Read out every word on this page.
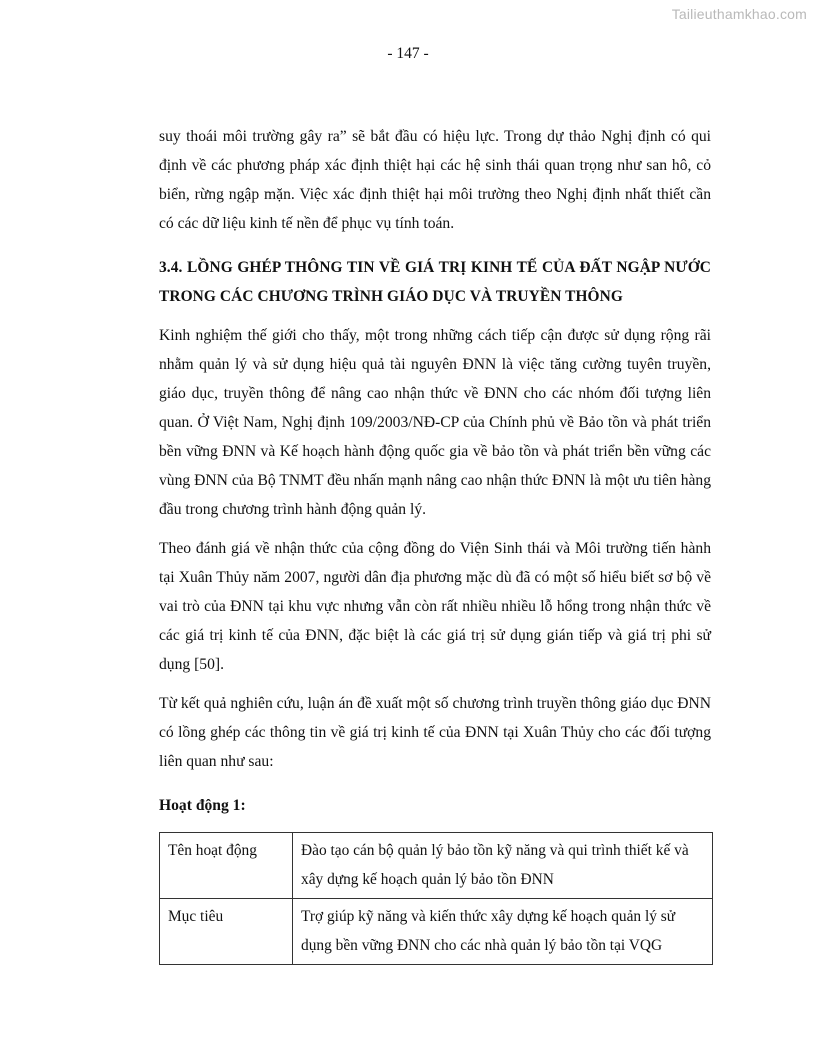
Tailieuthamkhao.com
- 147 -

suy thoái môi trường gây ra” sẽ bắt đầu có hiệu lực. Trong dự thảo Nghị định có qui định về các phương pháp xác định thiệt hại các hệ sinh thái quan trọng như san hô, cỏ biển, rừng ngập mặn. Việc xác định thiệt hại môi trường theo Nghị định nhất thiết cần có các dữ liệu kinh tế nền để phục vụ tính toán.

3.4. LỒNG GHÉP THÔNG TIN VỀ GIÁ TRỊ KINH TẾ CỦA ĐẤT NGẬP NƯỚC TRONG CÁC CHƯƠNG TRÌNH GIÁO DỤC VÀ TRUYỀN THÔNG

Kinh nghiệm thế giới cho thấy, một trong những cách tiếp cận được sử dụng rộng rãi nhằm quản lý và sử dụng hiệu quả tài nguyên ĐNN là việc tăng cường tuyên truyền, giáo dục, truyền thông để nâng cao nhận thức về ĐNN cho các nhóm đối tượng liên quan. Ở Việt Nam, Nghị định 109/2003/NĐ-CP của Chính phủ về Bảo tồn và phát triển bền vững ĐNN và Kế hoạch hành động quốc gia về bảo tồn và phát triển bền vững các vùng ĐNN của Bộ TNMT đều nhấn mạnh nâng cao nhận thức ĐNN là một ưu tiên hàng đầu trong chương trình hành động quản lý.

Theo đánh giá về nhận thức của cộng đồng do Viện Sinh thái và Môi trường tiến hành tại Xuân Thủy năm 2007, người dân địa phương mặc dù đã có một số hiểu biết sơ bộ về vai trò của ĐNN tại khu vực nhưng vẫn còn rất nhiều nhiều lỗ hổng trong nhận thức về các giá trị kinh tế của ĐNN, đặc biệt là các giá trị sử dụng gián tiếp và giá trị phi sử dụng [50].

Từ kết quả nghiên cứu, luận án đề xuất một số chương trình truyền thông giáo dục ĐNN có lồng ghép các thông tin về giá trị kinh tế của ĐNN tại Xuân Thủy cho các đối tượng liên quan như sau:

Hoạt động 1:
Tên hoạt động	Đào tạo cán bộ quản lý bảo tồn kỹ năng và qui trình thiết kế và xây dựng kế hoạch quản lý bảo tồn ĐNN
Mục tiêu	Trợ giúp kỹ năng và kiến thức xây dựng kế hoạch quản lý sử dụng bền vững ĐNN cho các nhà quản lý bảo tồn tại VQG
